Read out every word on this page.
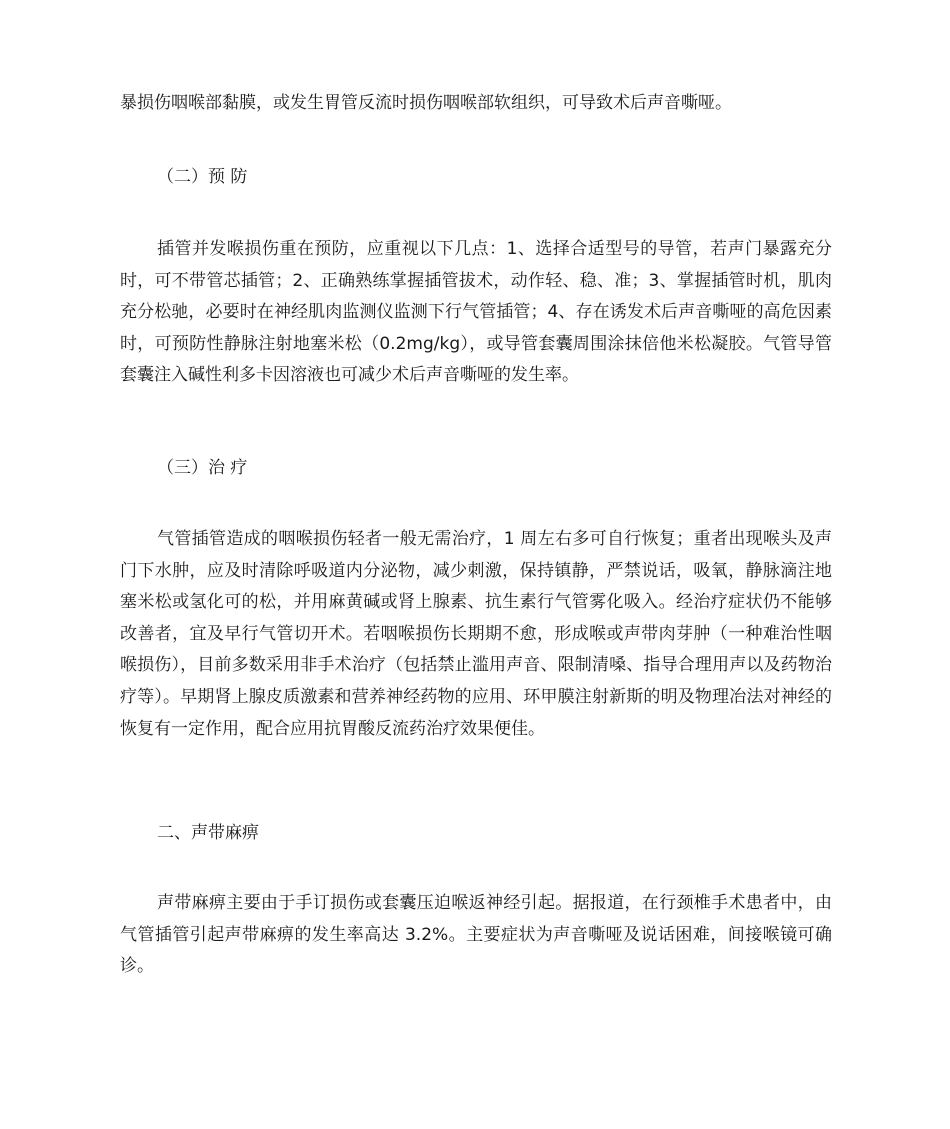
暴损伤咽喉部黏膜，或发生胃管反流时损伤咽喉部软组织，可导致术后声音嘶哑。

（二）预 防

插管并发喉损伤重在预防，应重视以下几点：1、选择合适型号的导管，若声门暴露充分时，可不带管芯插管；2、正确熟练掌握插管拔术，动作轻、稳、准；3、掌握插管时机，肌肉充分松驰，必要时在神经肌肉监测仪监测下行气管插管；4、存在诱发术后声音嘶哑的高危因素时，可预防性静脉注射地塞米松（0.2mg/kg），或导管套囊周围涂抹倍他米松凝胶。气管导管套囊注入碱性利多卡因溶液也可减少术后声音嘶哑的发生率。

（三）治 疗

气管插管造成的咽喉损伤轻者一般无需治疗，1 周左右多可自行恢复；重者出现喉头及声门下水肿，应及时清除呼吸道内分泌物，减少刺激，保持镇静，严禁说话，吸氧，静脉滴注地塞米松或氢化可的松，并用麻黄碱或肾上腺素、抗生素行气管雾化吸入。经治疗症状仍不能够改善者，宜及早行气管切开术。若咽喉损伤长期期不愈，形成喉或声带肉芽肿（一种难治性咽喉损伤），目前多数采用非手术治疗（包括禁止滥用声音、限制清嗓、指导合理用声以及药物治疗等）。早期肾上腺皮质激素和营养神经药物的应用、环甲膜注射新斯的明及物理冶法对神经的恢复有一定作用，配合应用抗胃酸反流药治疗效果便佳。

二、声带麻痹

声带麻痹主要由于手订损伤或套囊压迫喉返神经引起。据报道，在行颈椎手术患者中，由气管插管引起声带麻痹的发生率高达 3.2%。主要症状为声音嘶哑及说话困难，间接喉镜可确诊。
